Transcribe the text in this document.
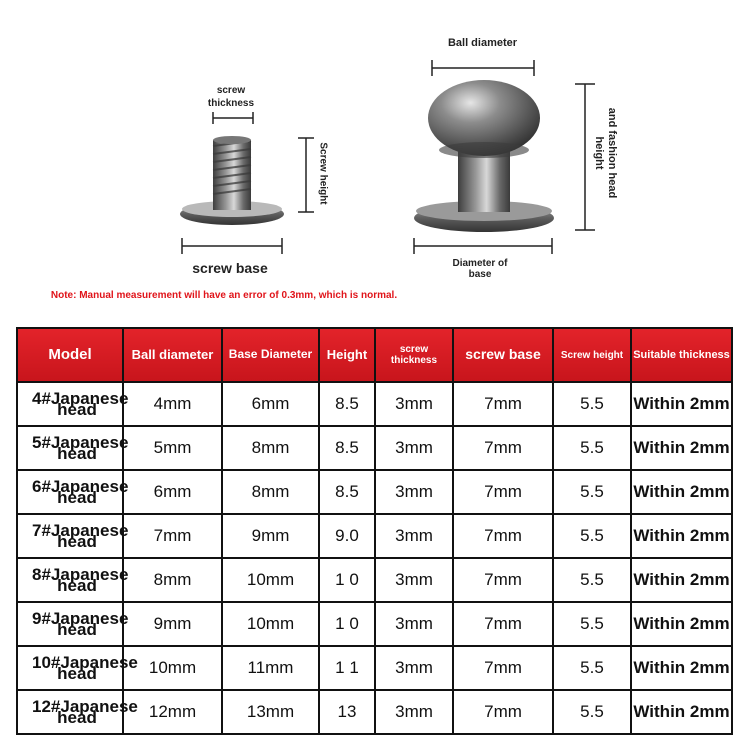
screw thickness
Screw height
screw base
Ball diameter
and fashion head height
Diameter of base
Note: Manual measurement will have an error of 0.3mm, which is normal.
Model	Ball diameter	Base Diameter	Height	screw thickness	screw base	Screw height	Suitable thickness
4#Japanese head	4mm	6mm	8.5	3mm	7mm	5.5	Within 2mm
5#Japanese head	5mm	8mm	8.5	3mm	7mm	5.5	Within 2mm
6#Japanese head	6mm	8mm	8.5	3mm	7mm	5.5	Within 2mm
7#Japanese head	7mm	9mm	9.0	3mm	7mm	5.5	Within 2mm
8#Japanese head	8mm	10mm	1 0	3mm	7mm	5.5	Within 2mm
9#Japanese head	9mm	10mm	1 0	3mm	7mm	5.5	Within 2mm
10#Japanese head	10mm	11mm	1 1	3mm	7mm	5.5	Within 2mm
12#Japanese head	12mm	13mm	13	3mm	7mm	5.5	Within 2mm
